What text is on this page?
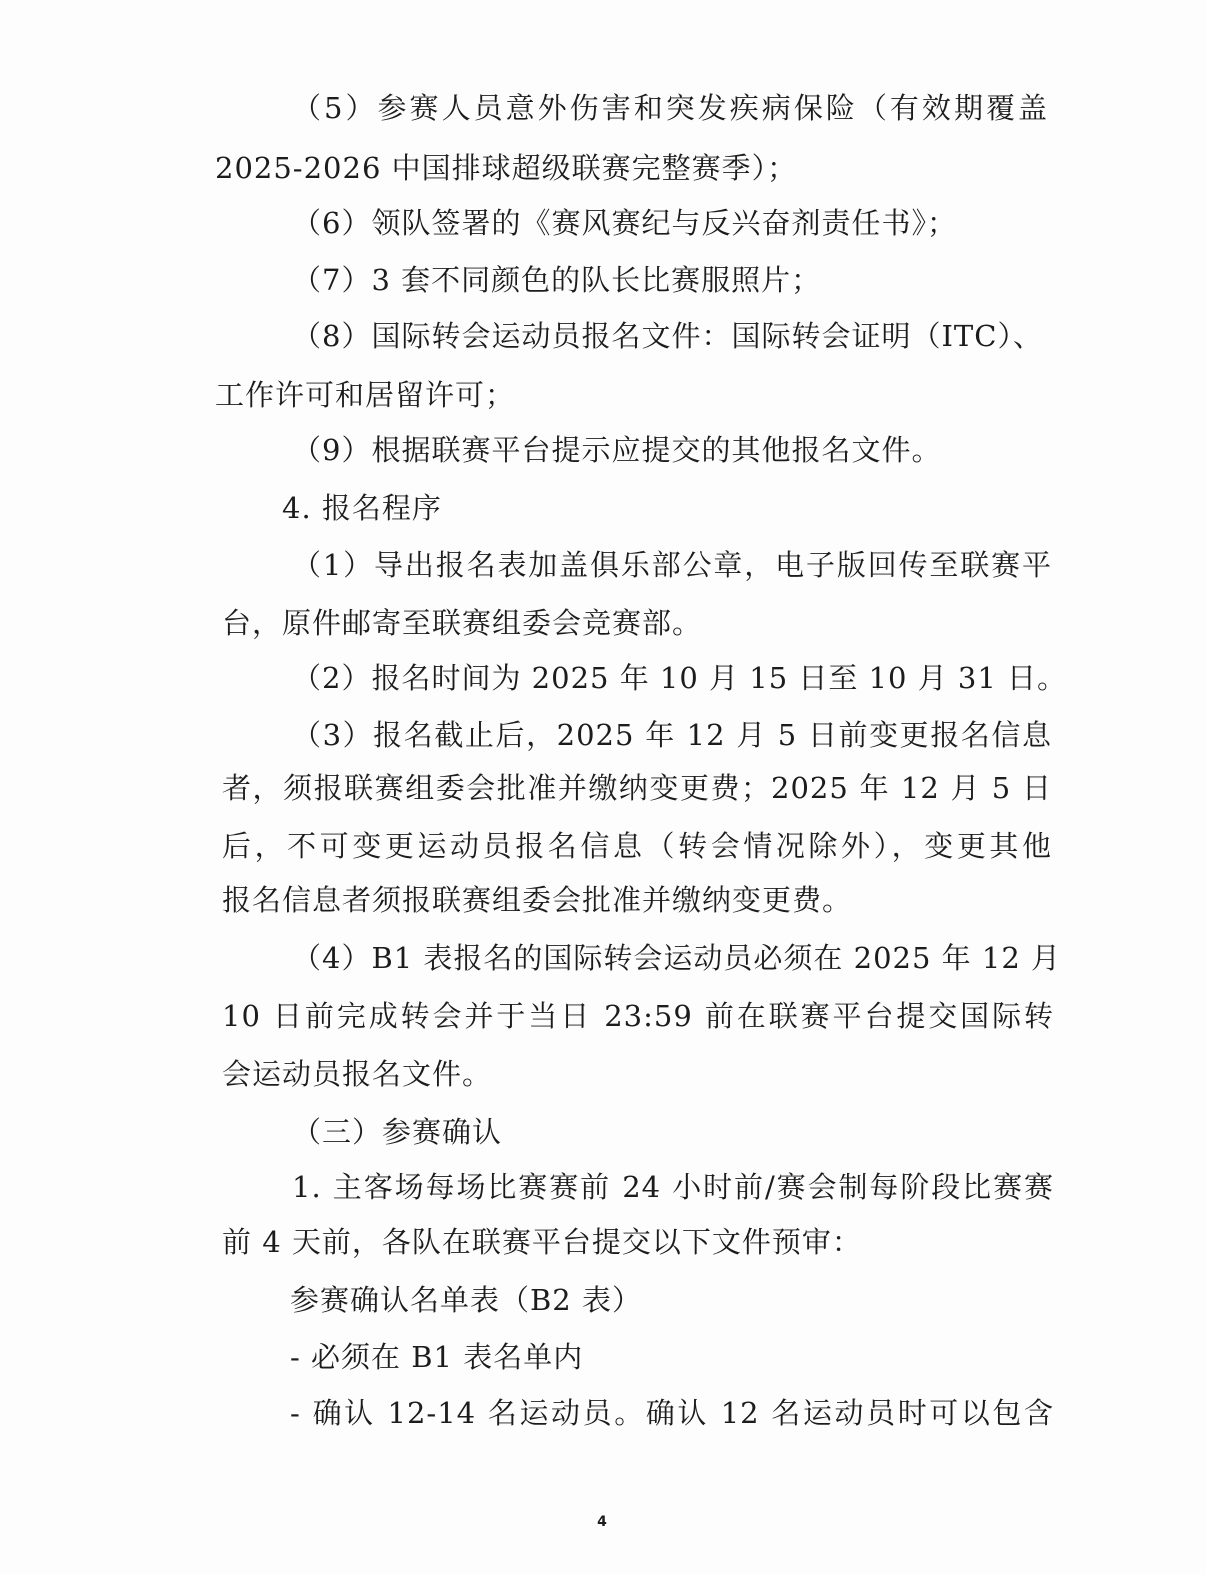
（5）参赛人员意外伤害和突发疾病保险（有效期覆盖
2025-2026 中国排球超级联赛完整赛季）；
（6）领队签署的《赛风赛纪与反兴奋剂责任书》；
（7）3 套不同颜色的队长比赛服照片；
（8）国际转会运动员报名文件：国际转会证明（ITC）、
工作许可和居留许可；
（9）根据联赛平台提示应提交的其他报名文件。
4. 报名程序
（1）导出报名表加盖俱乐部公章，电子版回传至联赛平
台，原件邮寄至联赛组委会竞赛部。
（2）报名时间为 2025 年 10 月 15 日至 10 月 31 日。
（3）报名截止后，2025 年 12 月 5 日前变更报名信息
者，须报联赛组委会批准并缴纳变更费；2025 年 12 月 5 日
后，不可变更运动员报名信息（转会情况除外），变更其他
报名信息者须报联赛组委会批准并缴纳变更费。
（4）B1 表报名的国际转会运动员必须在 2025 年 12 月
10 日前完成转会并于当日 23:59 前在联赛平台提交国际转
会运动员报名文件。
（三）参赛确认
1. 主客场每场比赛赛前 24 小时前/赛会制每阶段比赛赛
前 4 天前，各队在联赛平台提交以下文件预审：
参赛确认名单表（B2 表）
- 必须在 B1 表名单内
- 确认 12-14 名运动员。确认 12 名运动员时可以包含
4
